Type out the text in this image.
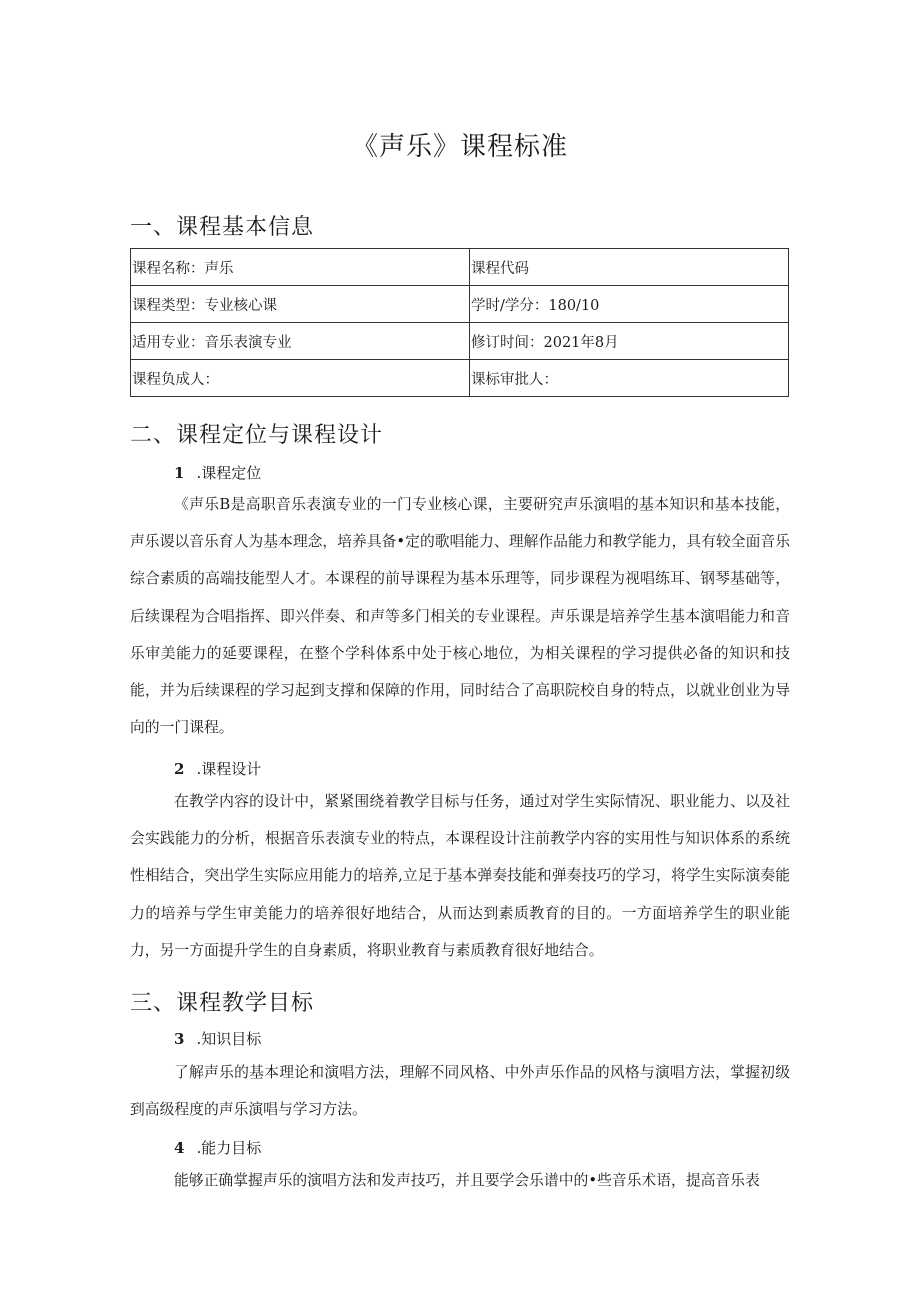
《声乐》课程标准
一、课程基本信息
课程名称：声乐	课程代码
课程类型：专业核心课	学时/学分：180/10
适用专业：音乐表演专业	修订时间：2021年8月
课程负成人：	课标审批人：
二、课程定位与课程设计
1 .课程定位

《声乐B是高职音乐表演专业的一门专业核心课，主要研究声乐演唱的基本知识和基本技能，声乐谡以音乐育人为基本理念，培养具备•定的歌唱能力、理解作品能力和教学能力，具有较全面音乐综合素质的高端技能型人才。本课程的前导课程为基本乐理等，同步课程为视唱练耳、钢琴基础等，后续课程为合唱指挥、即兴伴奏、和声等多门相关的专业课程。声乐课是培养学生基本演唱能力和音乐审美能力的延要课程，在整个学科体系中处于核心地位，为相关课程的学习提供必备的知识和技能，并为后续课程的学习起到支撑和保障的作用，同时结合了高职院校自身的特点，以就业创业为导向的一门课程。

2 .课程设计

在教学内容的设计中，紧紧围绕着教学目标与任务，通过对学生实际情况、职业能力、以及社会实践能力的分析，根据音乐表演专业的特点，本课程设计注前教学内容的实用性与知识体系的系统性相结合，突出学生实际应用能力的培养,立足于基本弹奏技能和弹奏技巧的学习，将学生实际演奏能力的培养与学生审美能力的培养很好地结合，从而达到素质教育的目的。一方面培养学生的职业能力，另一方面提升学生的自身素质，将职业教育与素质教育很好地结合。

三、课程教学目标
3 .知识目标

了解声乐的基本理论和演唱方法，理解不同风格、中外声乐作品的风格与演唱方法，掌握初级到高级程度的声乐演唱与学习方法。

4 .能力目标

能够正确掌握声乐的演唱方法和发声技巧，并且要学会乐谱中的•些音乐术语，提高音乐表
